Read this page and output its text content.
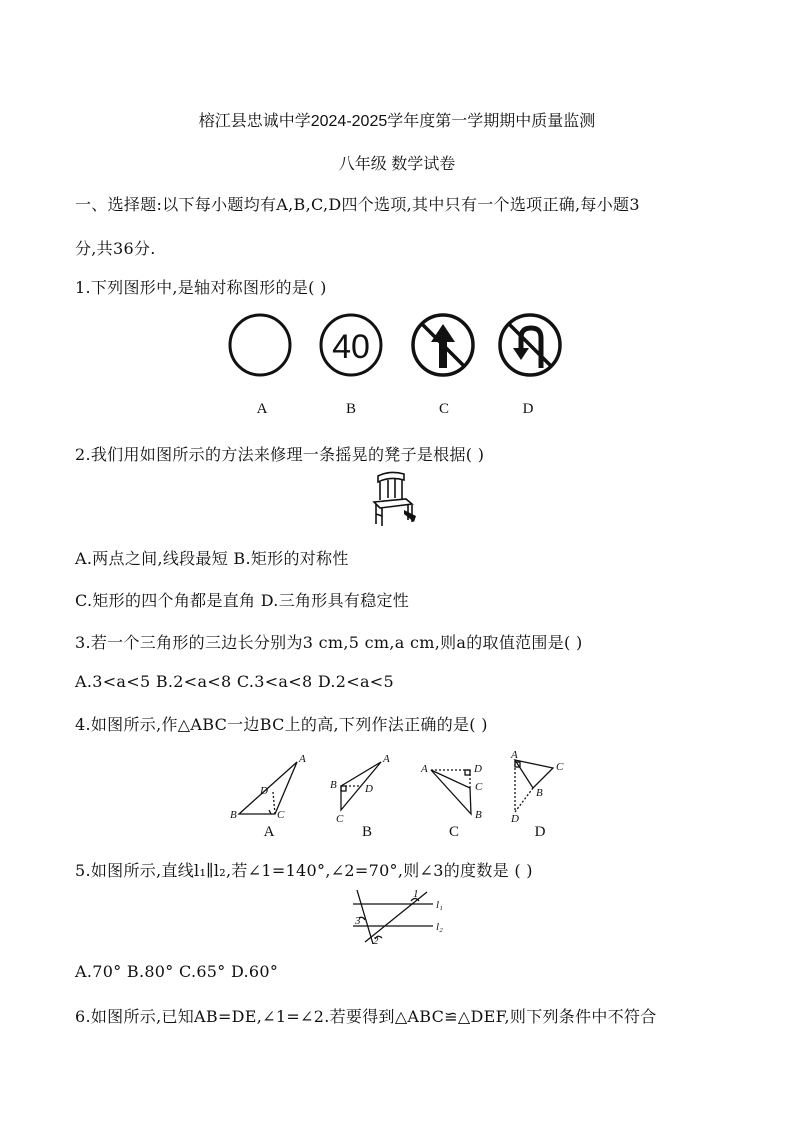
榕江县忠诚中学2024-2025学年度第一学期期中质量监测
八年级 数学试卷
一、选择题:以下每小题均有A,B,C,D四个选项,其中只有一个选项正确,每小题3
分,共36分.
1.下列图形中,是轴对称图形的是( )
40
A	B	C	D
2.我们用如图所示的方法来修理一条摇晃的凳子是根据( )
A.两点之间,线段最短 B.矩形的对称性
C.矩形的四个角都是直角 D.三角形具有稳定性
3.若一个三角形的三边长分别为3 cm,5 cm,a cm,则a的取值范围是( )
A.3<a<5 B.2<a<8 C.3<a<8 D.2<a<5
4.如图所示,作△ABC一边BC上的高,下列作法正确的是( )
A
D
B	C
A
A
B	D
C
B
A	D
C
B
C
A
C
B
D
D
5.如图所示,直线l₁∥l₂,若∠1=140°,∠2=70°,则∠3的度数是 ( )
1
2
3
l₁
l₂
A.70° B.80° C.65° D.60°
6.如图所示,已知AB=DE,∠1=∠2.若要得到△ABC≌△DEF,则下列条件中不符合
